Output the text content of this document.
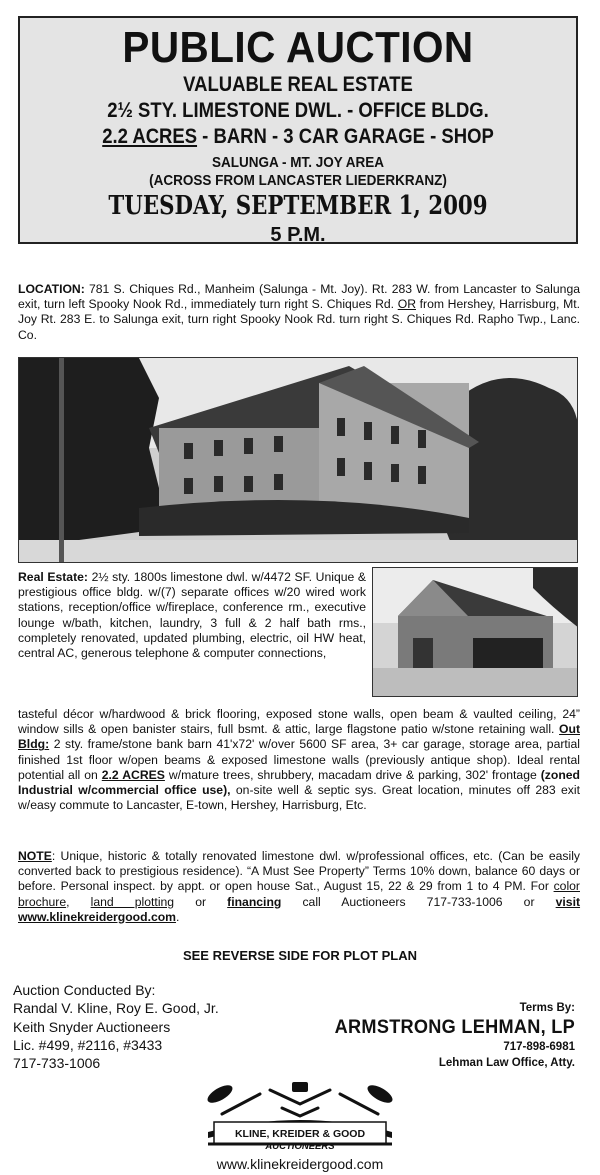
PUBLIC AUCTION
VALUABLE REAL ESTATE
2½ STY. LIMESTONE DWL. - OFFICE BLDG.
2.2 ACRES - BARN - 3 CAR GARAGE - SHOP
SALUNGA - MT. JOY AREA
(ACROSS FROM LANCASTER LIEDERKRANZ)
TUESDAY, SEPTEMBER 1, 2009
5 P.M.
LOCATION: 781 S. Chiques Rd., Manheim (Salunga - Mt. Joy). Rt. 283 W. from Lancaster to Salunga exit, turn left Spooky Nook Rd., immediately turn right S. Chiques Rd. OR from Hershey, Harrisburg, Mt. Joy Rt. 283 E. to Salunga exit, turn right Spooky Nook Rd. turn right S. Chiques Rd. Rapho Twp., Lanc. Co.
Real Estate: 2½ sty. 1800s limestone dwl. w/4472 SF. Unique & prestigious office bldg. w/(7) separate offices w/20 wired work stations, reception/office w/fireplace, conference rm., executive lounge w/bath, kitchen, laundry, 3 full & 2 half bath rms., completely renovated, updated plumbing, electric, oil HW heat, central AC, generous telephone & computer connections,
tasteful décor w/hardwood & brick flooring, exposed stone walls, open beam & vaulted ceiling, 24” window sills & open banister stairs, full bsmt. & attic, large flagstone patio w/stone retaining wall. Out Bldg: 2 sty. frame/stone bank barn 41'x72' w/over 5600 SF area, 3+ car garage, storage area, partial finished 1st floor w/open beams & exposed limestone walls (previously antique shop). Ideal rental potential all on 2.2 ACRES w/mature trees, shrubbery, macadam drive & parking, 302' frontage (zoned Industrial w/commercial office use), on-site well & septic sys. Great location, minutes off 283 exit w/easy commute to Lancaster, E-town, Hershey, Harrisburg, Etc.
NOTE: Unique, historic & totally renovated limestone dwl. w/professional offices, etc. (Can be easily converted back to prestigious residence). “A Must See Property” Terms 10% down, balance 60 days or before. Personal inspect. by appt. or open house Sat., August 15, 22 & 29 from 1 to 4 PM. For color brochure, land plotting or financing call Auctioneers 717-733-1006 or visit www.klinekreidergood.com.
SEE REVERSE SIDE FOR PLOT PLAN
Auction Conducted By:
Randal V. Kline, Roy E. Good, Jr.
Keith Snyder Auctioneers
Lic. #499, #2116, #3433
717-733-1006
Terms By:
ARMSTRONG LEHMAN, LP
717-898-6981
Lehman Law Office, Atty.
KLINE, KREIDER & GOOD
AUCTIONEERS
www.klinekreidergood.com
